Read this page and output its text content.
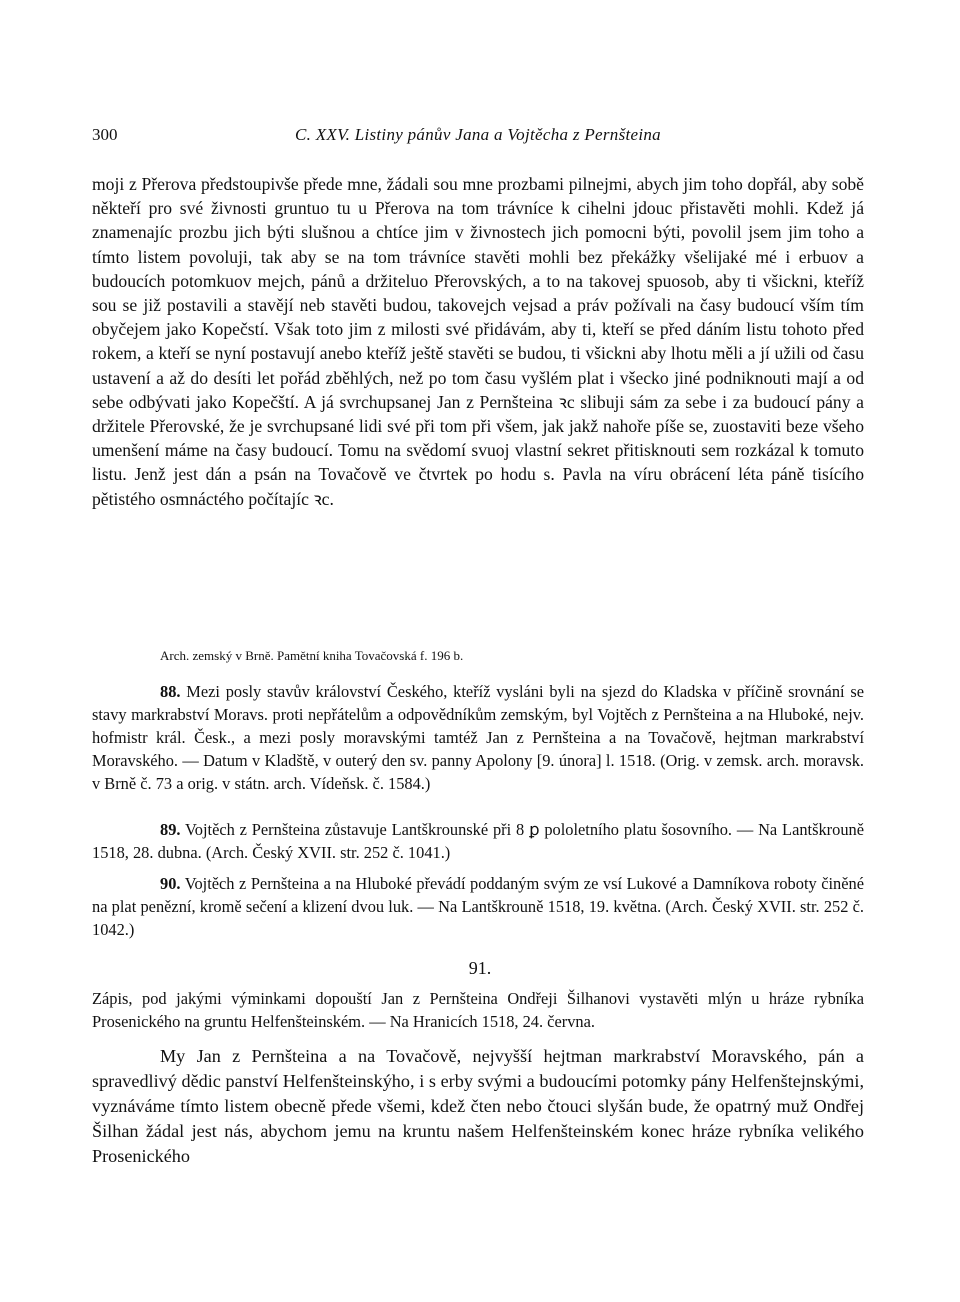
300	C. XXV. Listiny pánův Jana a Vojtěcha z Pernšteina

moji z Přerova předstoupivše přede mne, žádali sou mne prozbami pilnejmi, abych jim toho dopřál, aby sobě někteří pro své živnosti gruntuo tu u Přerova na tom trávníce k cihelni jdouc přistavěti mohli. Kdež já znamenajíc prozbu jich býti slušnou a chtíce jim v živnostech jich pomocni býti, povolil jsem jim toho a tímto listem povoluji, tak aby se na tom trávníce stavěti mohli bez překážky všelijaké mé i erbuov a budoucích potomkuov mejch, pánů a držiteluo Přerovských, a to na takovej spuosob, aby ti všickni, kteříž sou se již postavili a stavějí neb stavěti budou, takovejch vejsad a práv požívali na časy budoucí vším tím obyčejem jako Kopečstí. Však toto jim z milosti své přidávám, aby ti, kteří se před dáním listu tohoto před rokem, a kteří se nyní postavují anebo kteříž ještě stavěti se budou, ti všickni aby lhotu měli a jí užili od času ustavení a až do desíti let pořád zběhlých, než po tom času vyšlém plat i všecko jiné podniknouti mají a od sebe odbývati jako Kopečští. A já svrchupsanej Jan z Pernšteina ꝛc slibuji sám za sebe i za budoucí pány a držitele Přerovské, že je svrchupsané lidi své při tom při všem, jak jakž nahoře píše se, zuostaviti beze všeho umenšení máme na časy budoucí. Tomu na svědomí svuoj vlastní sekret přitisknouti sem rozkázal k tomuto listu. Jenž jest dán a psán na Tovačově ve čtvrtek po hodu s. Pavla na víru obrácení léta páně tisícího pětistého osmnáctého počítajíc ꝛc.

Arch. zemský v Brně. Pamětní kniha Tovačovská f. 196 b.

88. Mezi posly stavův království Českého, kteříž vysláni byli na sjezd do Kladska v příčině srovnání se stavy markrabství Moravs. proti nepřátelům a odpovědníkům zemským, byl Vojtěch z Pernšteina a na Hluboké, nejv. hofmistr král. Česk., a mezi posly moravskými tamtéž Jan z Pernšteina a na Tovačově, hejtman markrabství Moravského. — Datum v Kladště, v outerý den sv. panny Apolony [9. února] l. 1518. (Orig. v zemsk. arch. moravsk. v Brně č. 73 a orig. v státn. arch. Vídeňsk. č. 1584.)

89. Vojtěch z Pernšteina zůstavuje Lantškrounské při 8 ꝑ pololetního platu šosovního. — Na Lantškrouně 1518, 28. dubna. (Arch. Český XVII. str. 252 č. 1041.)

90. Vojtěch z Pernšteina a na Hluboké převádí poddaným svým ze vsí Lukové a Damníkova roboty činěné na plat penězní, kromě sečení a klizení dvou luk. — Na Lantškrouně 1518, 19. května. (Arch. Český XVII. str. 252 č. 1042.)

91.
Zápis, pod jakými výminkami dopouští Jan z Pernšteina Ondřeji Šilhanovi vystavěti mlýn u hráze rybníka Prosenického na gruntu Helfenšteinském. — Na Hranicích 1518, 24. června.
My Jan z Pernšteina a na Tovačově, nejvyšší hejtman markrabství Moravského, pán a spravedlivý dědic panství Helfenšteinskýho, i s erby svými a budoucími potomky pány Helfenštejnskými, vyznáváme tímto listem obecně přede všemi, kdež čten nebo čtouci slyšán bude, že opatrný muž Ondřej Šilhan žádal jest nás, abychom jemu na kruntu našem Helfenšteinském konec hráze rybníka velikého Prosenického
